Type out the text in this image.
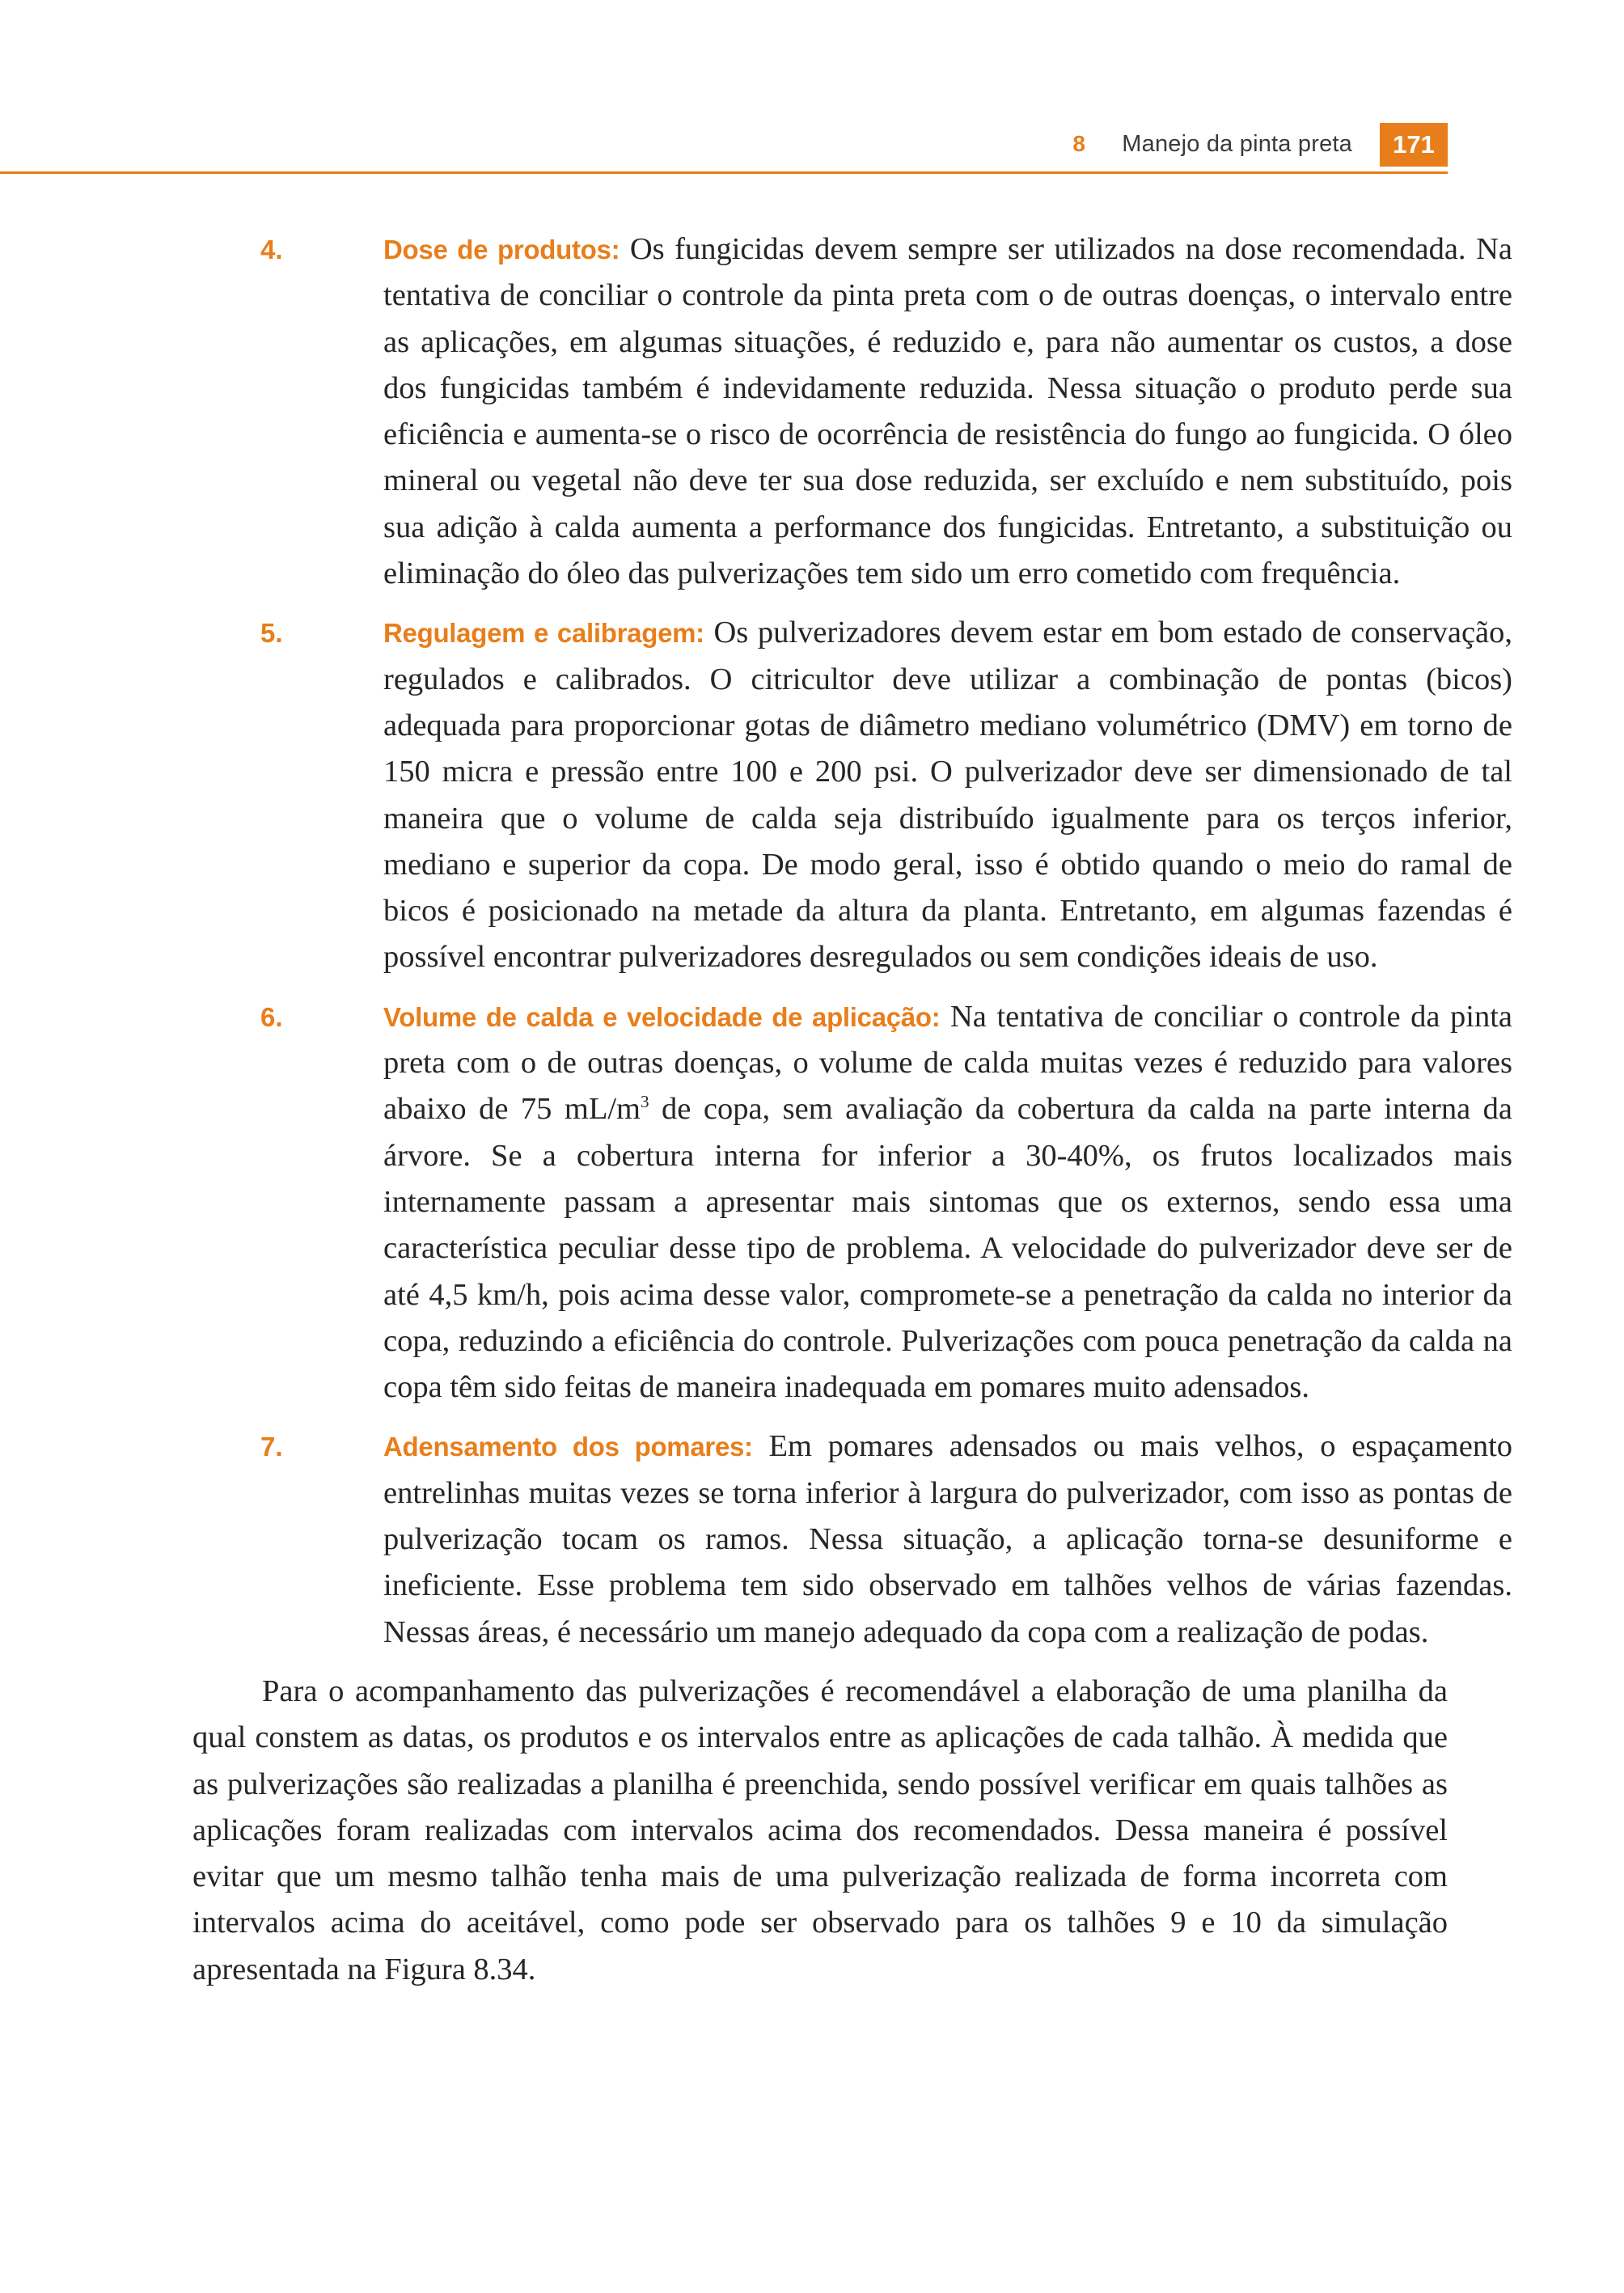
8 Manejo da pinta preta	171
4.	Dose de produtos: Os fungicidas devem sempre ser utilizados na dose recomendada. Na tentativa de conciliar o controle da pinta preta com o de outras doenças, o intervalo entre as aplicações, em algumas situações, é reduzido e, para não aumentar os custos, a dose dos fungicidas também é indevidamente reduzida. Nessa situação o produto perde sua eficiência e aumenta-se o risco de ocorrência de resistência do fungo ao fungicida. O óleo mineral ou vegetal não deve ter sua dose reduzida, ser excluído e nem substituído, pois sua adição à calda aumenta a performance dos fungicidas. Entretanto, a substituição ou eliminação do óleo das pulverizações tem sido um erro cometido com frequência.
5.	Regulagem e calibragem: Os pulverizadores devem estar em bom estado de conservação, regulados e calibrados. O citricultor deve utilizar a combinação de pontas (bicos) adequada para proporcionar gotas de diâmetro mediano volumétrico (DMV) em torno de 150 micra e pressão entre 100 e 200 psi. O pulverizador deve ser dimensionado de tal maneira que o volume de calda seja distribuído igualmente para os terços inferior, mediano e superior da copa. De modo geral, isso é obtido quando o meio do ramal de bicos é posicionado na metade da altura da planta. Entretanto, em algumas fazendas é possível encontrar pulverizadores desregulados ou sem condições ideais de uso.
6.	Volume de calda e velocidade de aplicação: Na tentativa de conciliar o controle da pinta preta com o de outras doenças, o volume de calda muitas vezes é reduzido para valores abaixo de 75 $mL/m^3$ de copa, sem avaliação da cobertura da calda na parte interna da árvore. Se a cobertura interna for inferior a 30-40%, os frutos localizados mais internamente passam a apresentar mais sintomas que os externos, sendo essa uma característica peculiar desse tipo de problema. A velocidade do pulverizador deve ser de até 4,5 km/h, pois acima desse valor, compromete-se a penetração da calda no interior da copa, reduzindo a eficiência do controle. Pulverizações com pouca penetração da calda na copa têm sido feitas de maneira inadequada em pomares muito adensados.
7.	Adensamento dos pomares: Em pomares adensados ou mais velhos, o espaçamento entrelinhas muitas vezes se torna inferior à largura do pulverizador, com isso as pontas de pulverização tocam os ramos. Nessa situação, a aplicação torna-se desuniforme e ineficiente. Esse problema tem sido observado em talhões velhos de várias fazendas. Nessas áreas, é necessário um manejo adequado da copa com a realização de podas.

Para o acompanhamento das pulverizações é recomendável a elaboração de uma planilha da qual constem as datas, os produtos e os intervalos entre as aplicações de cada talhão. À medida que as pulverizações são realizadas a planilha é preenchida, sendo possível verificar em quais talhões as aplicações foram realizadas com intervalos acima dos recomendados. Dessa maneira é possível evitar que um mesmo talhão tenha mais de uma pulverização realizada de forma incorreta com intervalos acima do aceitável, como pode ser observado para os talhões 9 e 10 da simulação apresentada na Figura 8.34.
